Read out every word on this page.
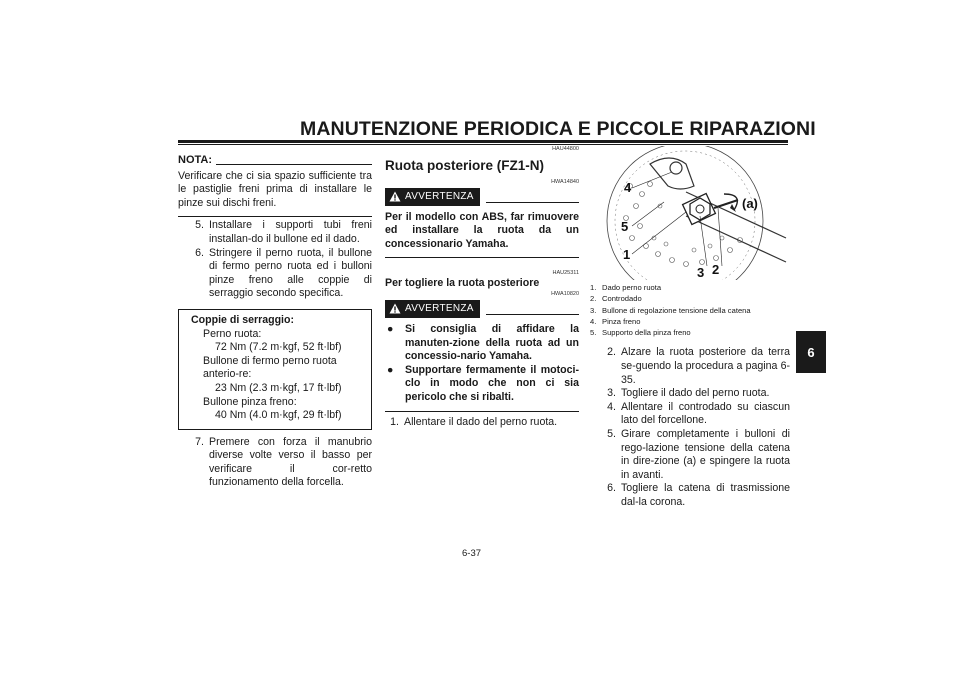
MANUTENZIONE PERIODICA E PICCOLE RIPARAZIONI
6
NOTA:
Verificare che ci sia spazio sufficiente tra le pastiglie freni prima di installare le pinze sui dischi freni.
5. Installare i supporti tubi freni installan-do il bullone ed il dado.
6. Stringere il perno ruota, il bullone di fermo perno ruota ed i bulloni pinze freno alle coppie di serraggio secondo specifica.
Coppie di serraggio:
Perno ruota:
72 Nm (7.2 m·kgf, 52 ft·lbf)
Bullone di fermo perno ruota anterio-re:
23 Nm (2.3 m·kgf, 17 ft·lbf)
Bullone pinza freno:
40 Nm (4.0 m·kgf, 29 ft·lbf)
7. Premere con forza il manubrio diverse volte verso il basso per verificare il cor-retto funzionamento della forcella.
HAU44800
Ruota posteriore (FZ1-N)
HWA14840
AVVERTENZA
Per il modello con ABS, far rimuovere ed installare la ruota da un concessionario Yamaha.
HAU25311
Per togliere la ruota posteriore
HWA10820
AVVERTENZA
●	Si consiglia di affidare la manuten-zione della ruota ad un concessio-nario Yamaha.
●	Supportare fermamente il motoci-clo in modo che non ci sia pericolo che si ribalti.
1. Allentare il dado del perno ruota.
4
5
1
3 2
(a)
1. Dado perno ruota
2. Controdado
3. Bullone di regolazione tensione della catena
4. Pinza freno
5. Supporto della pinza freno
2. Alzare la ruota posteriore da terra se-guendo la procedura a pagina 6-35.
3. Togliere il dado del perno ruota.
4. Allentare il controdado su ciascun lato del forcellone.
5. Girare completamente i bulloni di rego-lazione tensione della catena in dire-zione (a) e spingere la ruota in avanti.
6. Togliere la catena di trasmissione dal-la corona.
6-37
